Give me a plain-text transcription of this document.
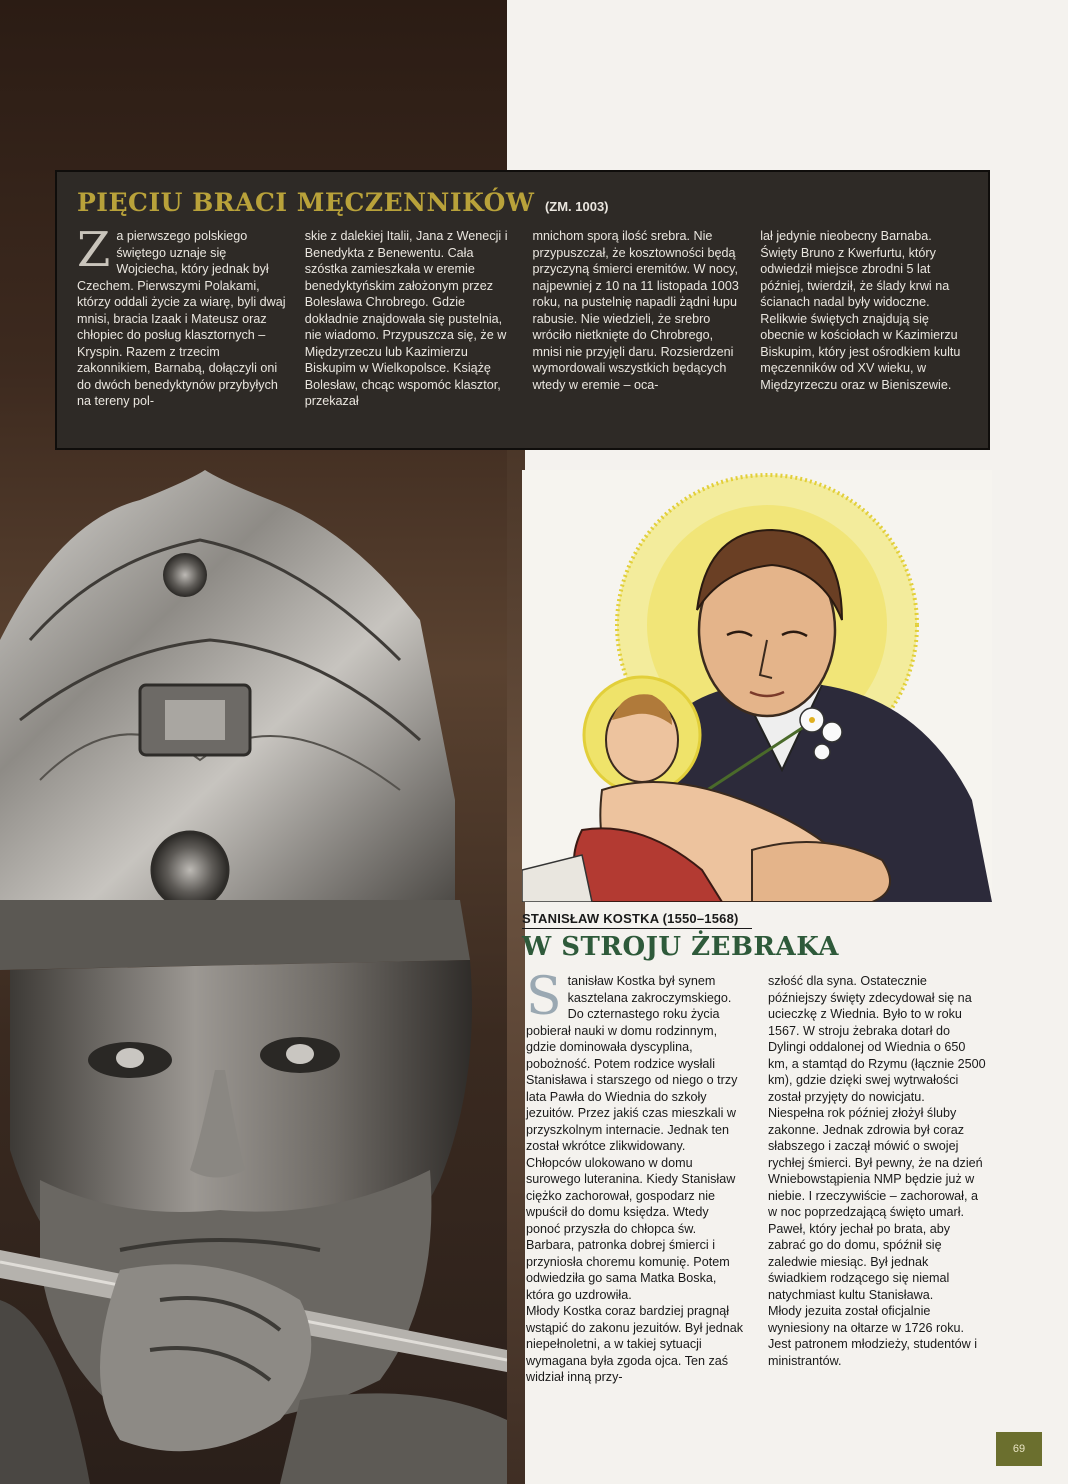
PIĘCIU BRACI MĘCZENNIKÓW (ZM. 1003)
Z a pierwszego polskiego świętego uznaje się Wojciecha, który jednak był Czechem. Pierwszymi Polakami, którzy oddali życie za wiarę, byli dwaj mnisi, bracia Izaak i Mateusz oraz chłopiec do posług klasztornych – Kryspin. Razem z trzecim zakonnikiem, Barnabą, dołączyli oni do dwóch benedyktynów przybyłych na tereny pol-

skie z dalekiej Italii, Jana z Wenecji i Benedykta z Benewentu. Cała szóstka zamieszkała w eremie benedyktyńskim założonym przez Bolesława Chrobrego. Gdzie dokładnie znajdowała się pustelnia, nie wiadomo. Przypuszcza się, że w Międzyrzeczu lub Kazimierzu Biskupim w Wielkopolsce. Książę Bolesław, chcąc wspomóc klasztor, przekazał

mnichom sporą ilość srebra. Nie przypuszczał, że kosztowności będą przyczyną śmierci eremitów. W nocy, najpewniej z 10 na 11 listopada 1003 roku, na pustelnię napadli żądni łupu rabusie. Nie wiedzieli, że srebro wróciło nietknięte do Chrobrego, mnisi nie przyjęli daru. Rozsierdzeni wymordowali wszystkich będących wtedy w eremie – oca-

lał jedynie nieobecny Barnaba. Święty Bruno z Kwerfurtu, który odwiedził miejsce zbrodni 5 lat później, twierdził, że ślady krwi na ścianach nadal były widoczne. Relikwie świętych znajdują się obecnie w kościołach w Kazimierzu Biskupim, który jest ośrodkiem kultu męczenników od XV wieku, w Międzyrzeczu oraz w Bieniszewie.

STANISŁAW KOSTKA (1550–1568)
W STROJU ŻEBRAKA
S tanisław Kostka był synem kasztelana zakroczymskiego. Do czternastego roku życia pobierał nauki w domu rodzinnym, gdzie dominowała dyscyplina, pobożność. Potem rodzice wysłali Stanisława i starszego od niego o trzy lata Pawła do Wiednia do szkoły jezuitów. Przez jakiś czas mieszkali w przyszkolnym internacie. Jednak ten został wkrótce zlikwidowany. Chłopców ulokowano w domu surowego luteranina. Kiedy Stanisław ciężko zachorował, gospodarz nie wpuścił do domu księdza. Wtedy ponoć przyszła do chłopca św. Barbara, patronka dobrej śmierci i przyniosła choremu komunię. Potem odwiedziła go sama Matka Boska, która go uzdrowiła.

Młody Kostka coraz bardziej pragnął wstąpić do zakonu jezuitów. Był jednak niepełnoletni, a w takiej sytuacji wymagana była zgoda ojca. Ten zaś widział inną przy-

szłość dla syna. Ostatecznie późniejszy święty zdecydował się na ucieczkę z Wiednia. Było to w roku 1567. W stroju żebraka dotarł do Dylingi oddalonej od Wiednia o 650 km, a stamtąd do Rzymu (łącznie 2500 km), gdzie dzięki swej wytrwałości został przyjęty do nowicjatu.

Niespełna rok później złożył śluby zakonne. Jednak zdrowia był coraz słabszego i zaczął mówić o swojej rychłej śmierci. Był pewny, że na dzień Wniebowstąpienia NMP będzie już w niebie. I rzeczywiście – zachorował, a w noc poprzedzającą święto umarł. Paweł, który jechał po brata, aby zabrać go do domu, spóźnił się zaledwie miesiąc. Był jednak świadkiem rodzącego się niemal natychmiast kultu Stanisława.

Młody jezuita został oficjalnie wyniesiony na ołtarze w 1726 roku. Jest patronem młodzieży, studentów i ministrantów.

69
